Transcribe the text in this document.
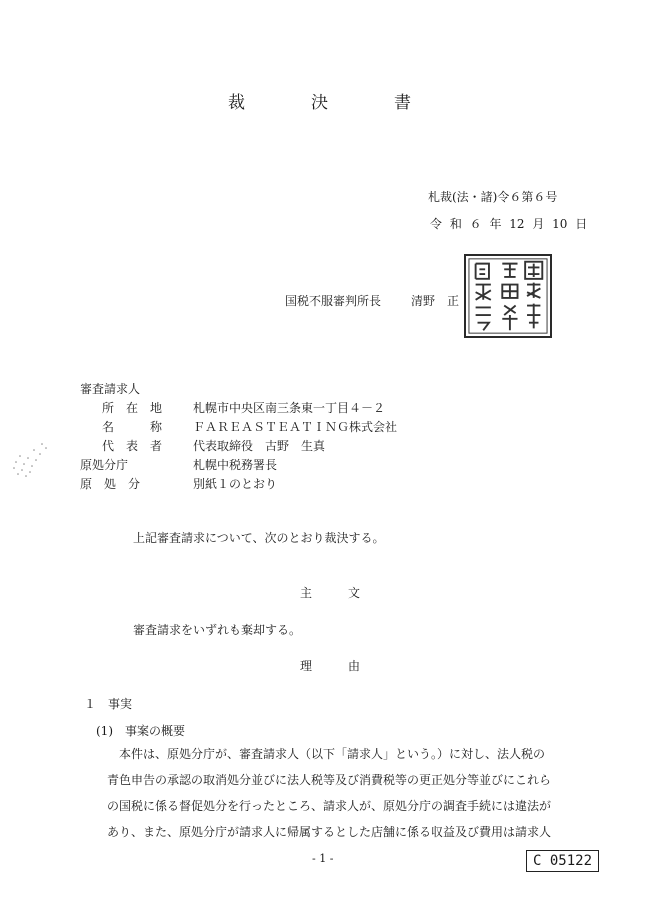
裁	決	書
札裁(法・諸)令６第６号
令 和 ６ 年 12 月 10 日
国税不服審判所長 清野　正
審査請求人
所　在　地	札幌市中央区南三条東一丁目４－２
名　　　称	ＦＡＲＥＡＳＴＥＡＴＩＮＧ株式会社
代　表　者	代表取締役　古野　生真
原処分庁	札幌中税務署長
原　処　分	別紙１のとおり
上記審査請求について、次のとおり裁決する。
主　　　文
審査請求をいずれも棄却する。
理　　　由
１　事実
(1)　事案の概要

　本件は、原処分庁が、審査請求人（以下「請求人」という。）に対し、法人税の

青色申告の承認の取消処分並びに法人税等及び消費税等の更正処分等並びにこれら

の国税に係る督促処分を行ったところ、請求人が、原処分庁の調査手続には違法が

あり、また、原処分庁が請求人に帰属するとした店舗に係る収益及び費用は請求人

- 1 -	C 05122
